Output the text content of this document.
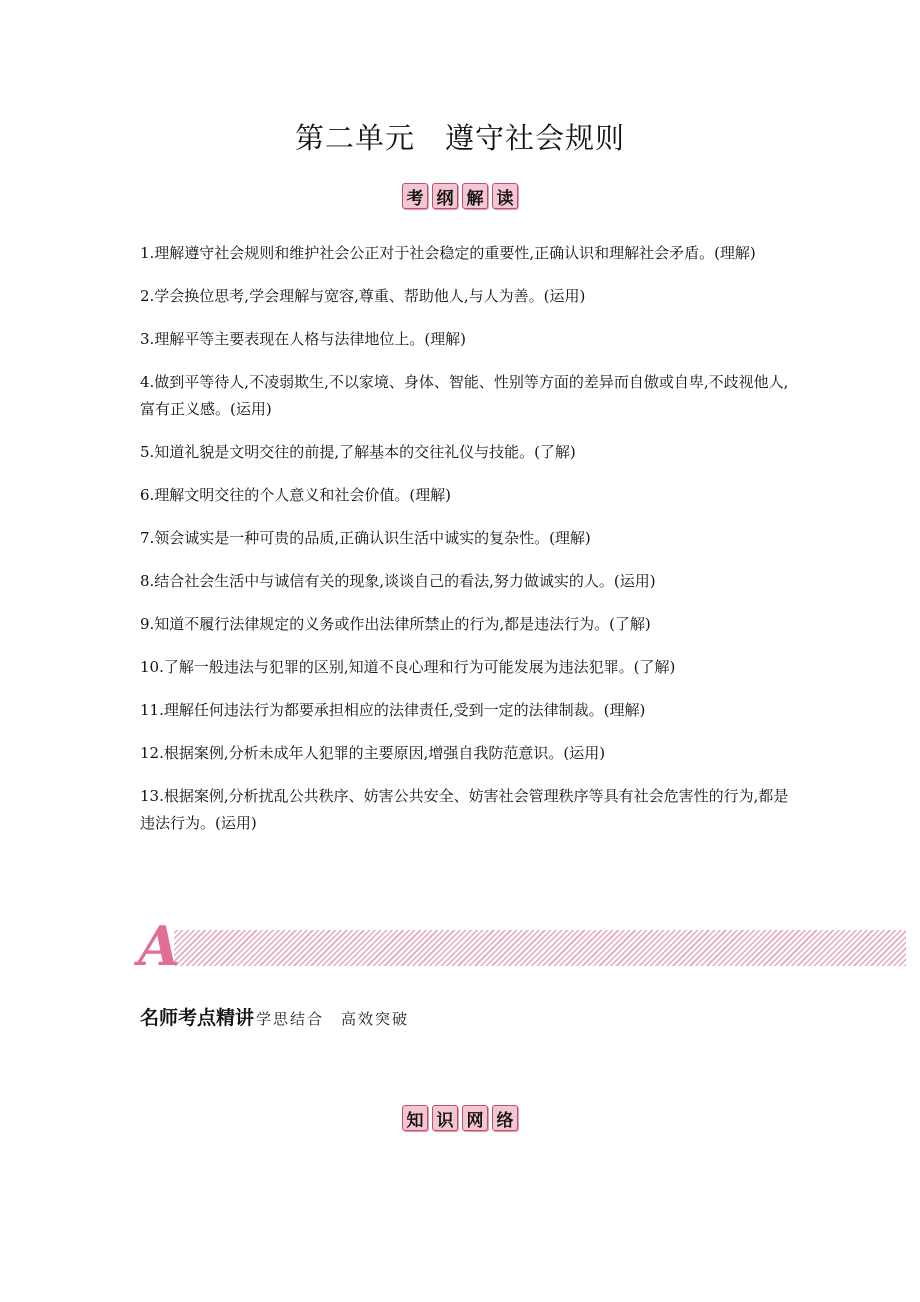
第二单元　遵守社会规则
考 纲 解 读
1.理解遵守社会规则和维护社会公正对于社会稳定的重要性,正确认识和理解社会矛盾。(理解)
2.学会换位思考,学会理解与宽容,尊重、帮助他人,与人为善。(运用)
3.理解平等主要表现在人格与法律地位上。(理解)
4.做到平等待人,不凌弱欺生,不以家境、身体、智能、性别等方面的差异而自傲或自卑,不歧视他人,富有正义感。(运用)
5.知道礼貌是文明交往的前提,了解基本的交往礼仪与技能。(了解)
6.理解文明交往的个人意义和社会价值。(理解)
7.领会诚实是一种可贵的品质,正确认识生活中诚实的复杂性。(理解)
8.结合社会生活中与诚信有关的现象,谈谈自己的看法,努力做诚实的人。(运用)
9.知道不履行法律规定的义务或作出法律所禁止的行为,都是违法行为。(了解)
10.了解一般违法与犯罪的区别,知道不良心理和行为可能发展为违法犯罪。(了解)
11.理解任何违法行为都要承担相应的法律责任,受到一定的法律制裁。(理解)
12.根据案例,分析未成年人犯罪的主要原因,增强自我防范意识。(运用)
13.根据案例,分析扰乱公共秩序、妨害公共安全、妨害社会管理秩序等具有社会危害性的行为,都是违法行为。(运用)
A
名师考点精讲 学思结合　高效突破
知 识 网 络
